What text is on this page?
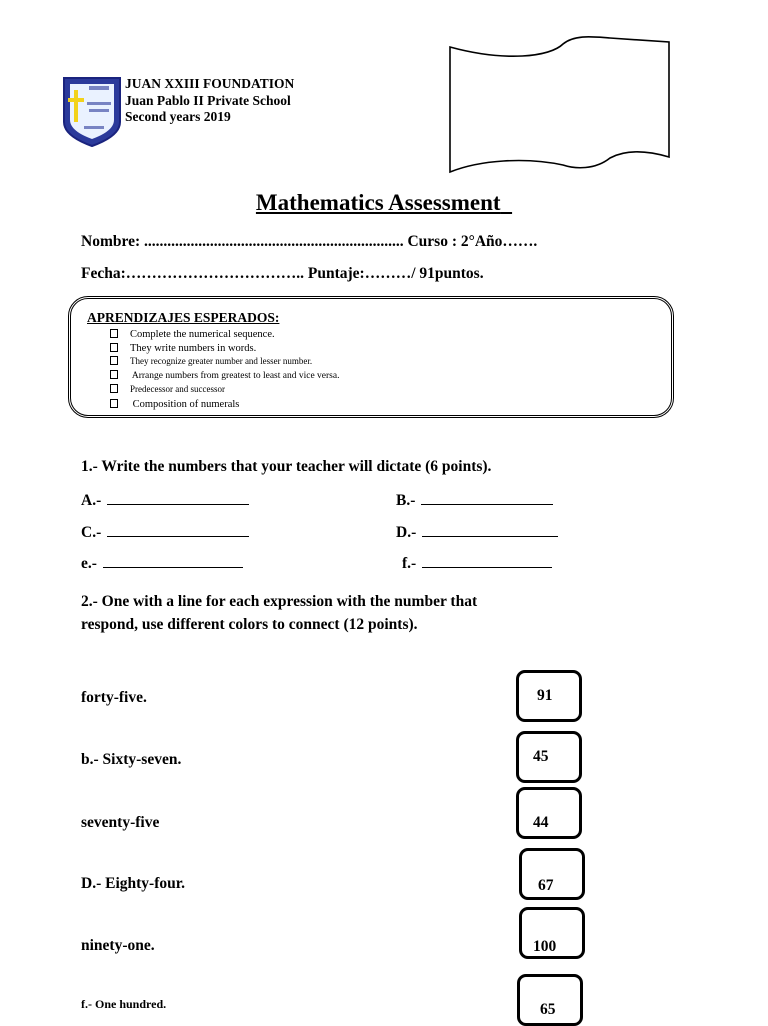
JUAN XXIII FOUNDATION
Juan Pablo II Private School
Second years 2019
Mathematics Assessment
Nombre: ................................................................... Curso : 2°Año…….
Fecha:…………………………….. Puntaje:………/ 91puntos.
APRENDIZAJES ESPERADOS:
Complete the numerical sequence.
They write numbers in words.
They recognize greater number and lesser number.
Arrange numbers from greatest to least and vice versa.
Predecessor and successor
Composition of numerals
1.- Write the numbers that your teacher will dictate (6 points).
A.-	B.-
C.-	D.-
e.-	f.-
2.- One with a line for each expression with the number that
respond, use different colors to connect (12 points).
forty-five.
b.- Sixty-seven.
seventy-five
D.- Eighty-four.
ninety-one.
f.- One hundred.
91
45
44
67
100
65
